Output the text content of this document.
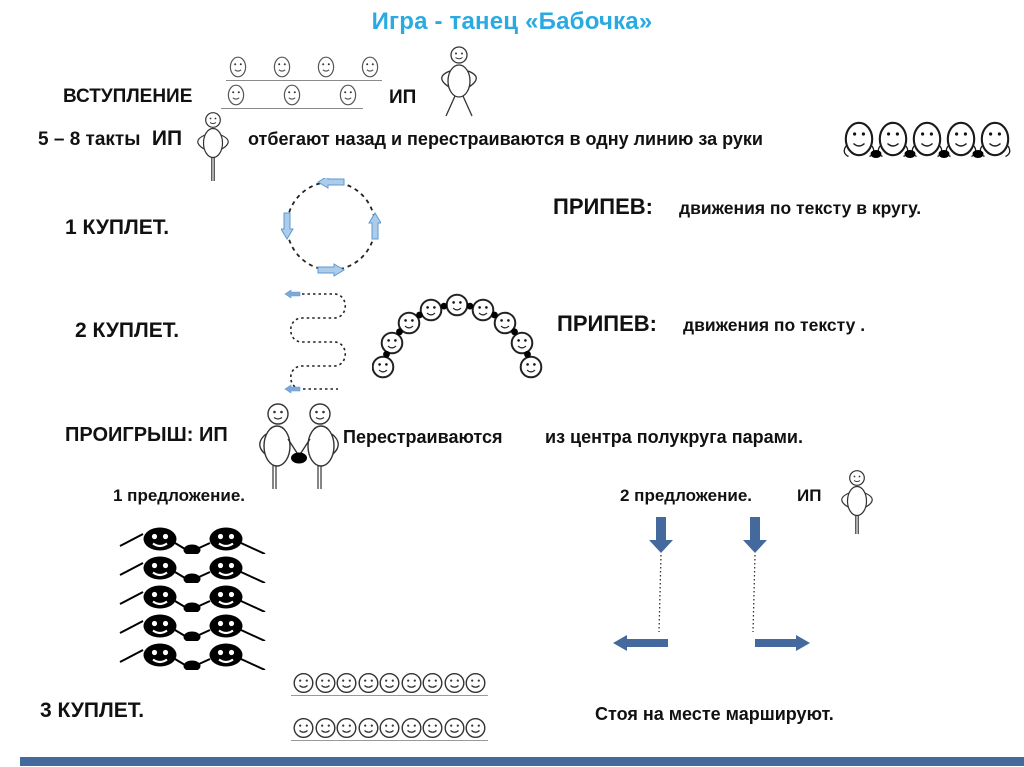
Игра - танец «Бабочка»
ВСТУПЛЕНИЕ	ИП
5 – 8 такты ИП	отбегают назад и перестраиваются в одну линию за руки
1 КУПЛЕТ.
ПРИПЕВ: движения по тексту в кругу.
2 КУПЛЕТ.	ПРИПЕВ: движения по тексту .
ПРОИГРЫШ: ИП	Перестраиваются из центра полукруга парами.
1 предложение.	2 предложение.	ИП
3 КУПЛЕТ.	Стоя на месте маршируют.
